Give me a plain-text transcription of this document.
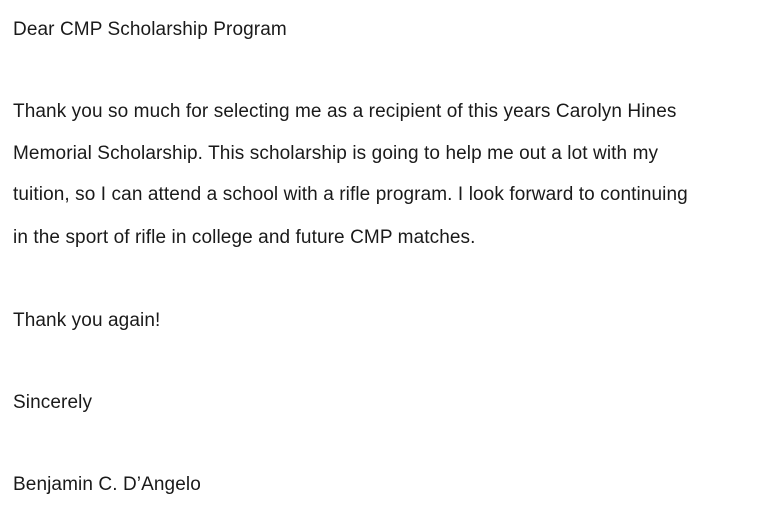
Dear CMP Scholarship Program
Thank you so much for selecting me as a recipient of this years Carolyn Hines
Memorial Scholarship. This scholarship is going to help me out a lot with my
tuition, so I can attend a school with a rifle program. I look forward to continuing
in the sport of rifle in college and future CMP matches.
Thank you again!
Sincerely
Benjamin C. D’Angelo
